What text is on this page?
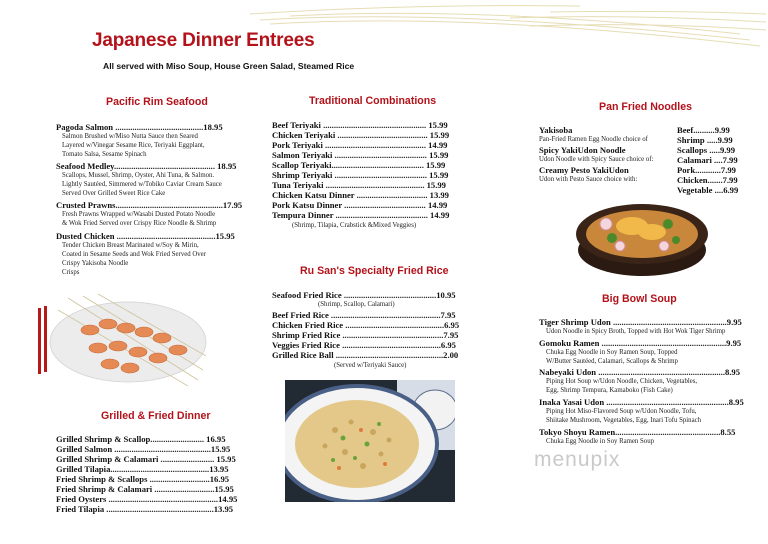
Japanese Dinner Entrees

All served with Miso Soup, House Green Salad, Steamed Rice

Pacific Rim Seafood
Pagoda Salmon .........................................18.95
Salmon Brushed w/Miso Nutta Sauce then Seared
Layered w/Vinegar Sesame Rice, Teriyaki Eggplant,
Tomato Salsa, Sesame Spinach
Seafood Medley............................................... 18.95
Scallops, Mussel, Shrimp, Oyster, Ahi Tuna, & Salmon.
Lightly Sautéed, Simmered w/Tobiko Caviar Cream Sauce
Served Over Grilled Sweet Rice Cake
Crusted Prawns..................................................17.95
Fresh Prawns Wrapped w/Wasabi Dusted Potato Noodle
& Wok Fried Served over Crispy Rice Noodle & Shrimp
Dusted Chicken ..............................................15.95
Tender Chicken Breast Marinated w/Soy & Mirin,
Coated in Sesame Seeds and Wok Fried Served Over
Crispy Yakisoba Noodle
Crisps
Grilled & Fried Dinner
Grilled Shrimp & Scallop......................... 16.95
Grilled Salmon .............................................15.95
Grilled Shrimp & Calamari ......................... 15.95
Grilled Tilapia..............................................13.95
Fried Shrimp & Scallops ............................16.95
Fried Shrimp & Calamari ............................15.95
Fried Oysters ...................................................14.95
Fried Tilapia ..................................................13.95
Traditional Combinations
Beef Teriyaki ................................................ 15.99
Chicken Teriyaki .......................................... 15.99
Pork Teriyaki ............................................... 14.99
Salmon Teriyaki ........................................... 15.99
Scallop Teriyaki........................................... 15.99
Shrimp Teriyaki ........................................... 15.99
Tuna Teriyaki .............................................. 15.99
Chicken Katsu Dinner ................................. 13.99
Pork Katsu Dinner ...................................... 14.99
Tempura Dinner ........................................... 14.99
(Shrimp, Tilapia, Crabstick &Mixed Veggies)
Ru San's Specialty Fried Rice
Seafood Fried Rice ...........................................10.95
(Shrimp, Scallop, Calamari)
Beef Fried Rice ...................................................7.95
Chicken Fried Rice ..............................................6.95
Shrimp Fried Rice ...............................................7.95
Veggies Fried Rice ..............................................6.95
Grilled Rice Ball ..................................................2.00
(Served w/Teriyaki Sauce)
Pan Fried Noodles
Yakisoba
Pan-Fried Ramen Egg Noodle choice of
Spicy YakiUdon Noodle
Udon Noodle with Spicy Sauce choice of:
Creamy Pesto YakiUdon
Udon with Pesto Sauce choice with:
Beef..........9.99
Shrimp .....9.99
Scallops .....9.99
Calamari ....7.99
Pork............7.99
Chicken.......7.99
Vegetable ....6.99
Big Bowl Soup
Tiger Shrimp Udon .....................................................9.95
Udon Noodle in Spicy Broth, Topped with Hot Wok Tiger Shrimp
Gomoku Ramen ..........................................................9.95
Chuka Egg Noodle in Soy Ramen Soup, Topped
W/Butter Sautéed, Calamari, Scallops & Shrimp
Nabeyaki Udon ...........................................................8.95
Piping Hot Soup w/Udon Noodle, Chicken, Vegetables,
Egg, Shrimp Tempura, Kamaboko (Fish Cake)
Inaka Yasai Udon .........................................................8.95
Piping Hot Miso-Flavored Soup w/Udon Noodle, Tofu,
Shiitake Mushroom, Vegetables, Egg, Inari Tofu Spinach
Tokyo Shoyu Ramen.................................................8.55
Chuka Egg Noodle in Soy Ramen Soup
menupix
